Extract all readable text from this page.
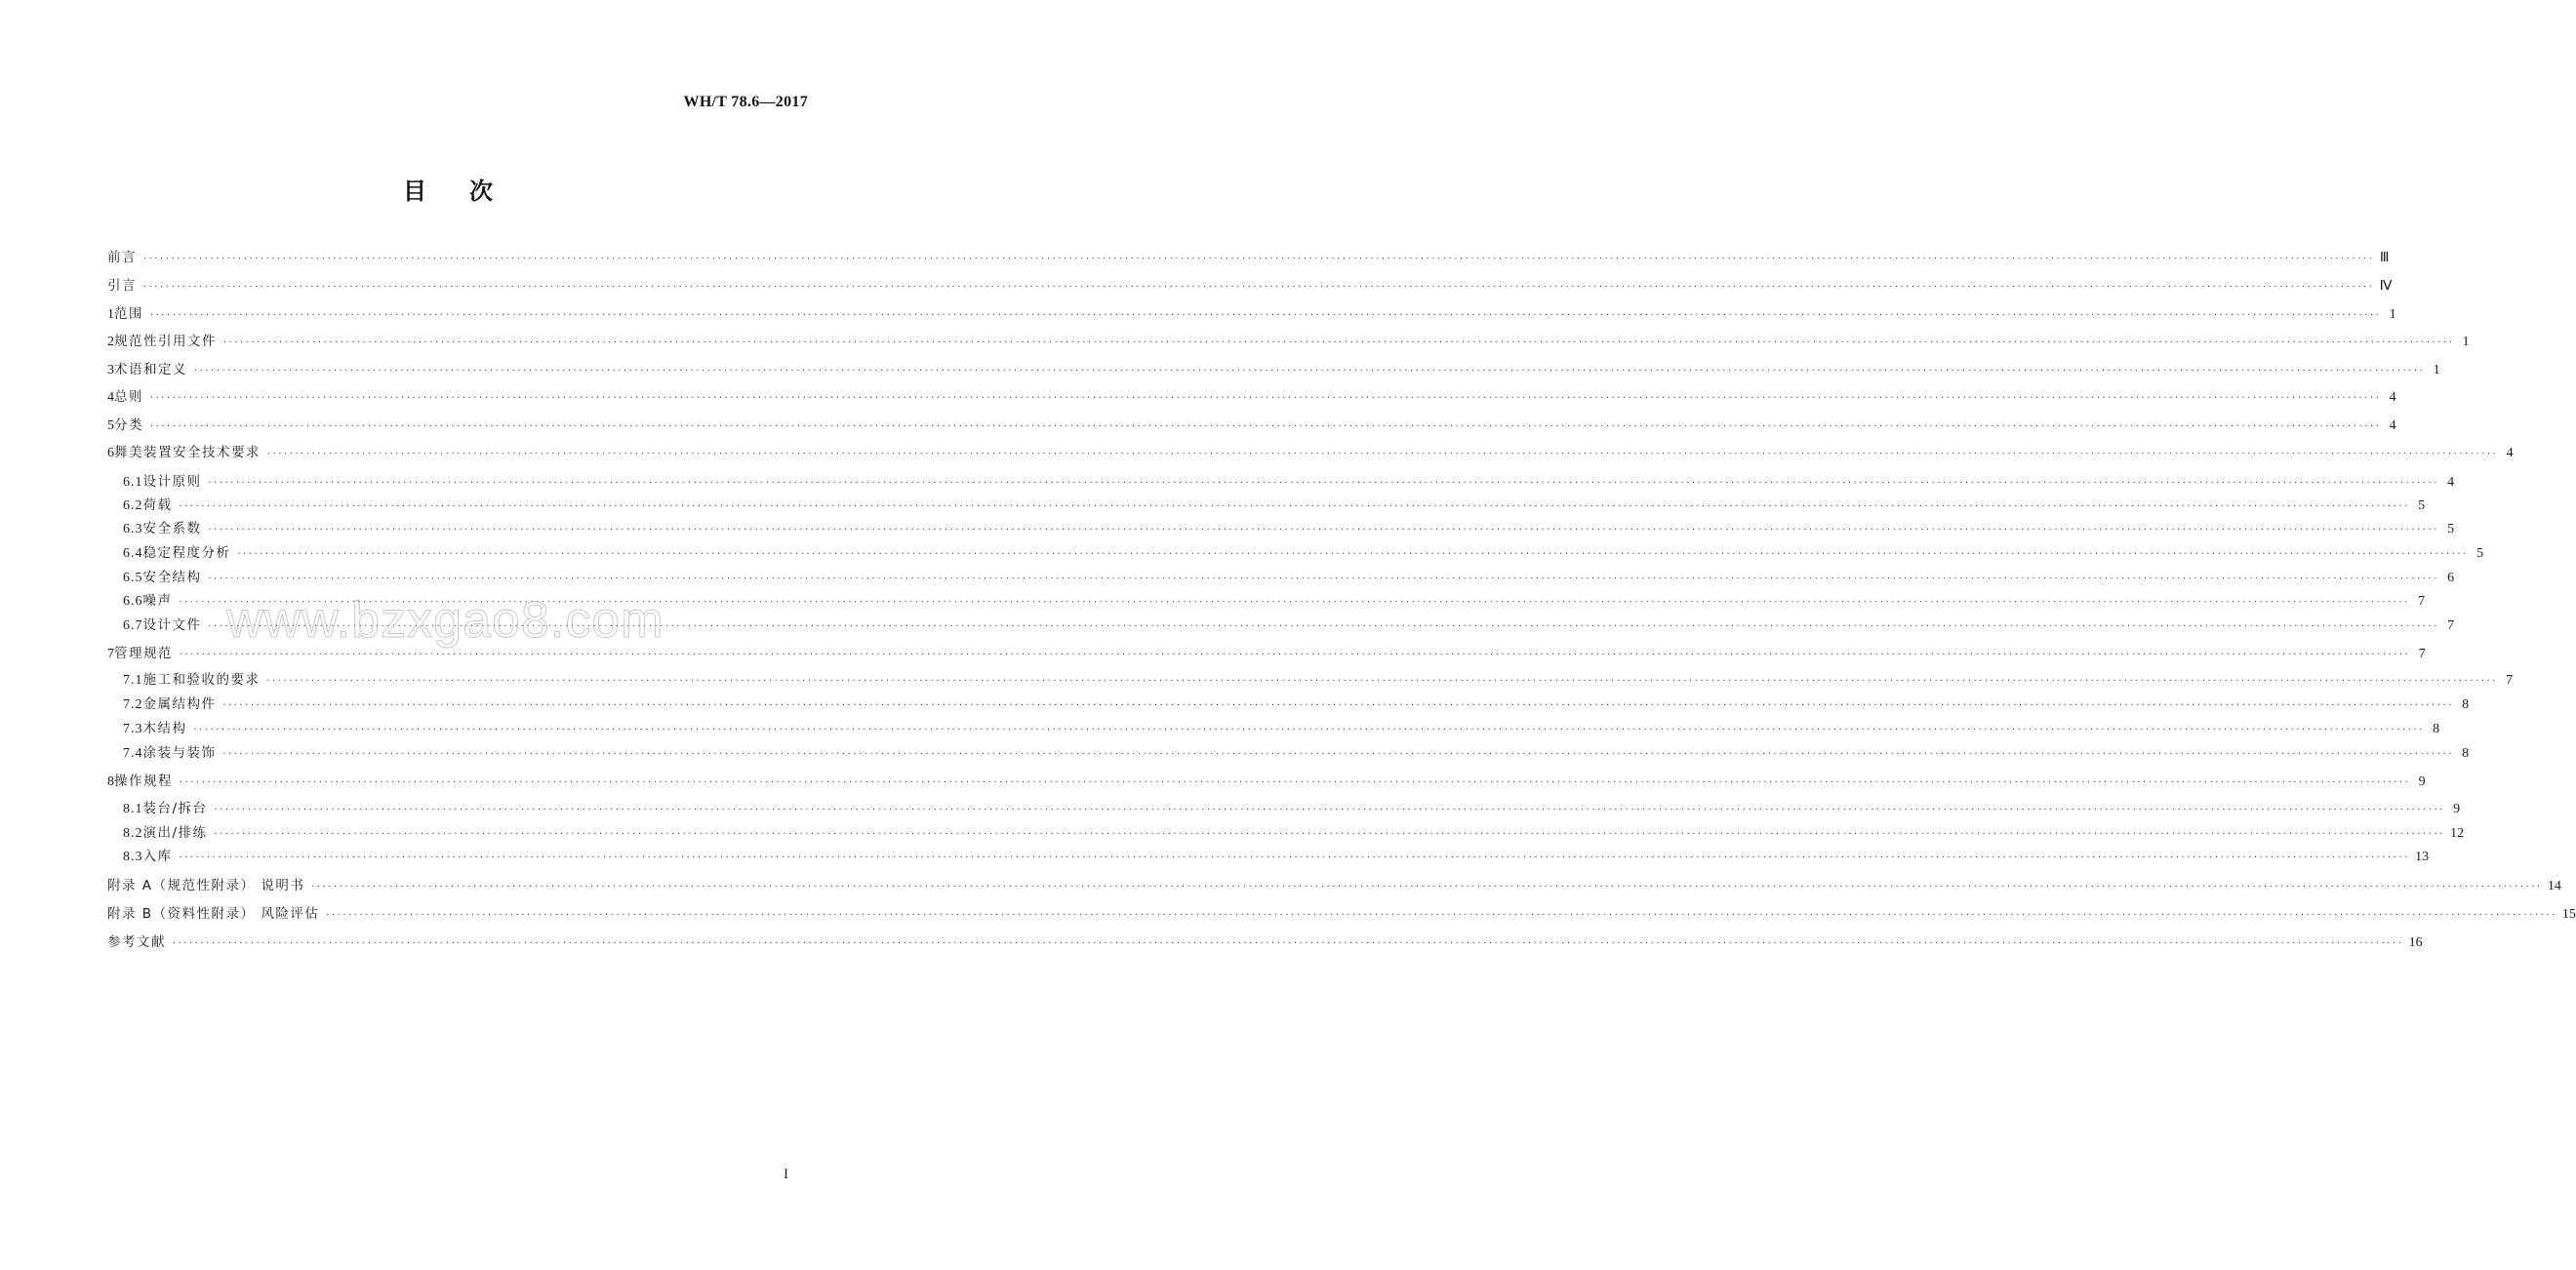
WH/T 78.6—2017
目 次
前言 ················································································································································································································································································································································································································ Ⅲ
引言 ················································································································································································································································································································································································································ Ⅳ
1 范围 ················································································································································································································································································································································································································ 1
2 规范性引用文件 ················································································································································································································································································································································································································ 1
3 术语和定义 ················································································································································································································································································································································································································ 1
4 总则 ················································································································································································································································································································································································································ 4
5 分类 ················································································································································································································································································································································································································ 4
6 舞美装置安全技术要求 ················································································································································································································································································································································································································ 4
6.1 设计原则 ················································································································································································································································································································································································································ 4
6.2 荷载 ················································································································································································································································································································································································································ 5
6.3 安全系数 ················································································································································································································································································································································································································ 5
6.4 稳定程度分析 ················································································································································································································································································································································································································ 5
6.5 安全结构 ················································································································································································································································································································································································································ 6
6.6 噪声 ················································································································································································································································································································································································································ 7
6.7 设计文件 ················································································································································································································································································································································································································ 7
7 管理规范 ················································································································································································································································································································································································································ 7
7.1 施工和验收的要求 ················································································································································································································································································································································································································ 7
7.2 金属结构件 ················································································································································································································································································································································································································ 8
7.3 木结构 ················································································································································································································································································································································································································ 8
7.4 涂装与装饰 ················································································································································································································································································································································································································ 8
8 操作规程 ················································································································································································································································································································································································································ 9
8.1 装台/拆台 ················································································································································································································································································································································································································ 9
8.2 演出/排练 ················································································································································································································································································································································································································ 12
8.3 入库 ················································································································································································································································································································································································································ 13
附录 A（规范性附录） 说明书 ················································································································································································································································································································································································································ 14
附录 B（资料性附录） 风险评估 ················································································································································································································································································································································································································ 15
参考文献 ················································································································································································································································································································································································································ 16
www.bzxgao8.com
I
